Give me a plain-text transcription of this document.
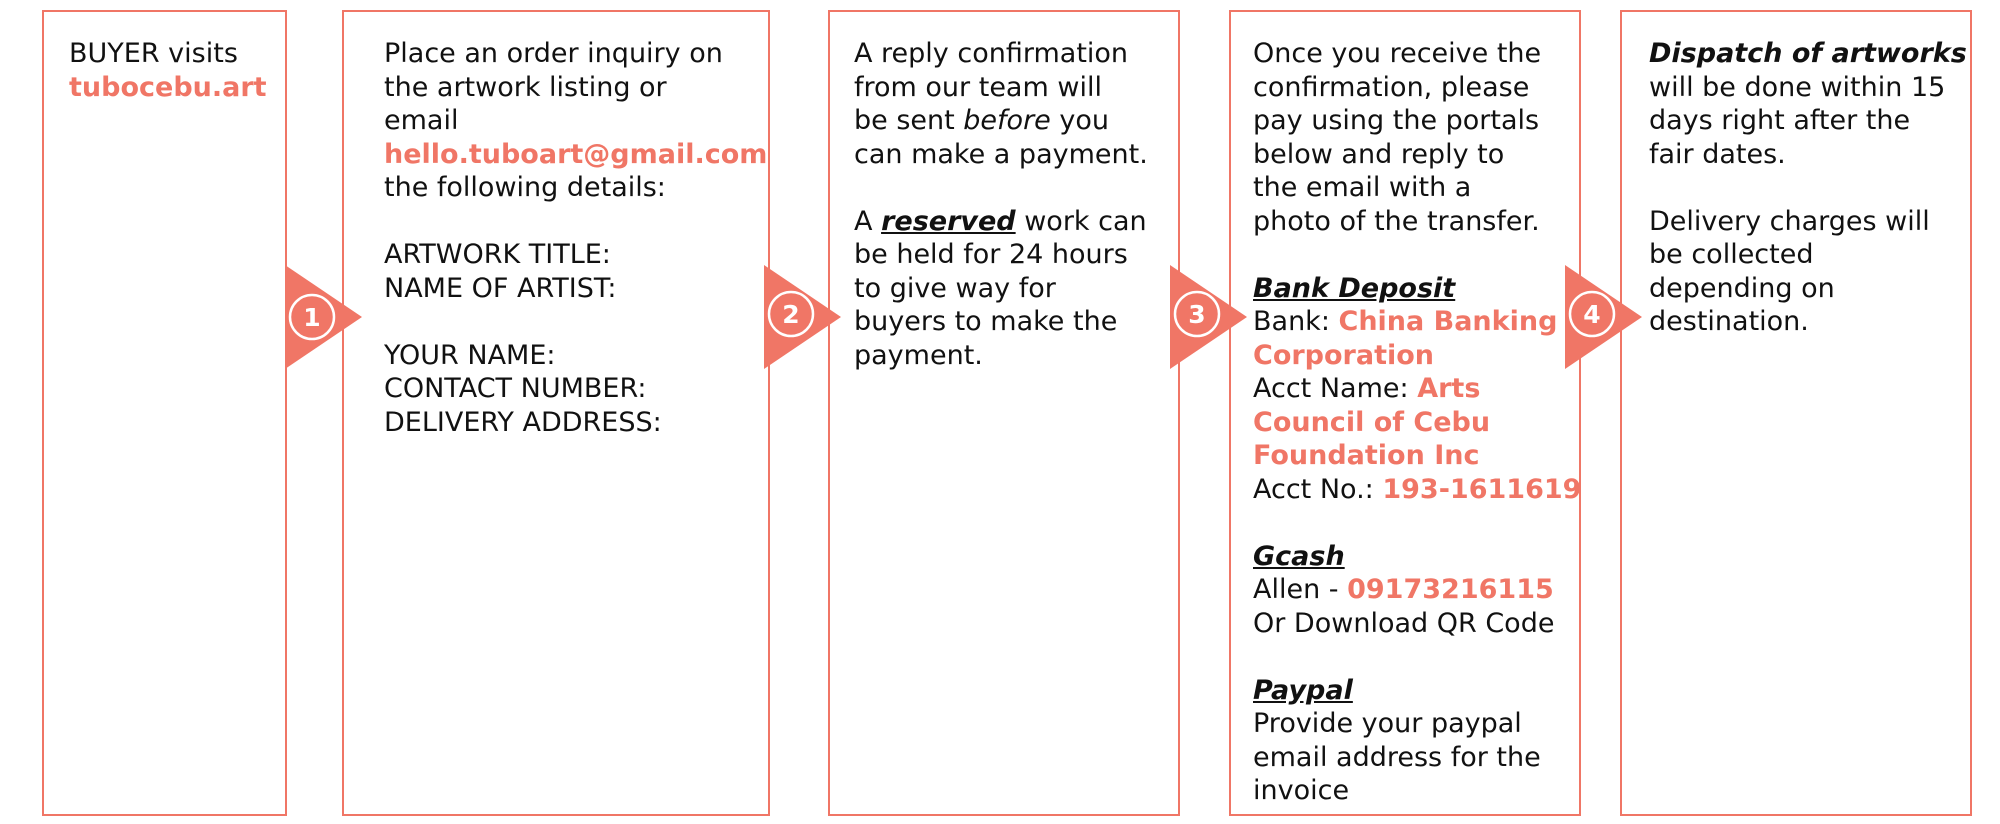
BUYER visits
tubocebu.art
Place an order inquiry on
the artwork listing or
email
hello.tuboart@gmail.com
the following details:
ARTWORK TITLE:
NAME OF ARTIST:
YOUR NAME:
CONTACT NUMBER:
DELIVERY ADDRESS:
A reply confirmation
from our team will
be sent before you
can make a payment.
A reserved work can
be held for 24 hours
to give way for
buyers to make the
payment.
Once you receive the
confirmation, please
pay using the portals
below and reply to
the email with a
photo of the transfer.
Bank Deposit
Bank: China Banking
Corporation
Acct Name: Arts
Council of Cebu
Foundation Inc
Acct No.: 193-1611619
Gcash
Allen - 09173216115
Or Download QR Code
Paypal
Provide your paypal
email address for the
invoice
Dispatch of artworks
will be done within 15
days right after the
fair dates.
Delivery charges will
be collected
depending on
destination.
1	2	3	4
